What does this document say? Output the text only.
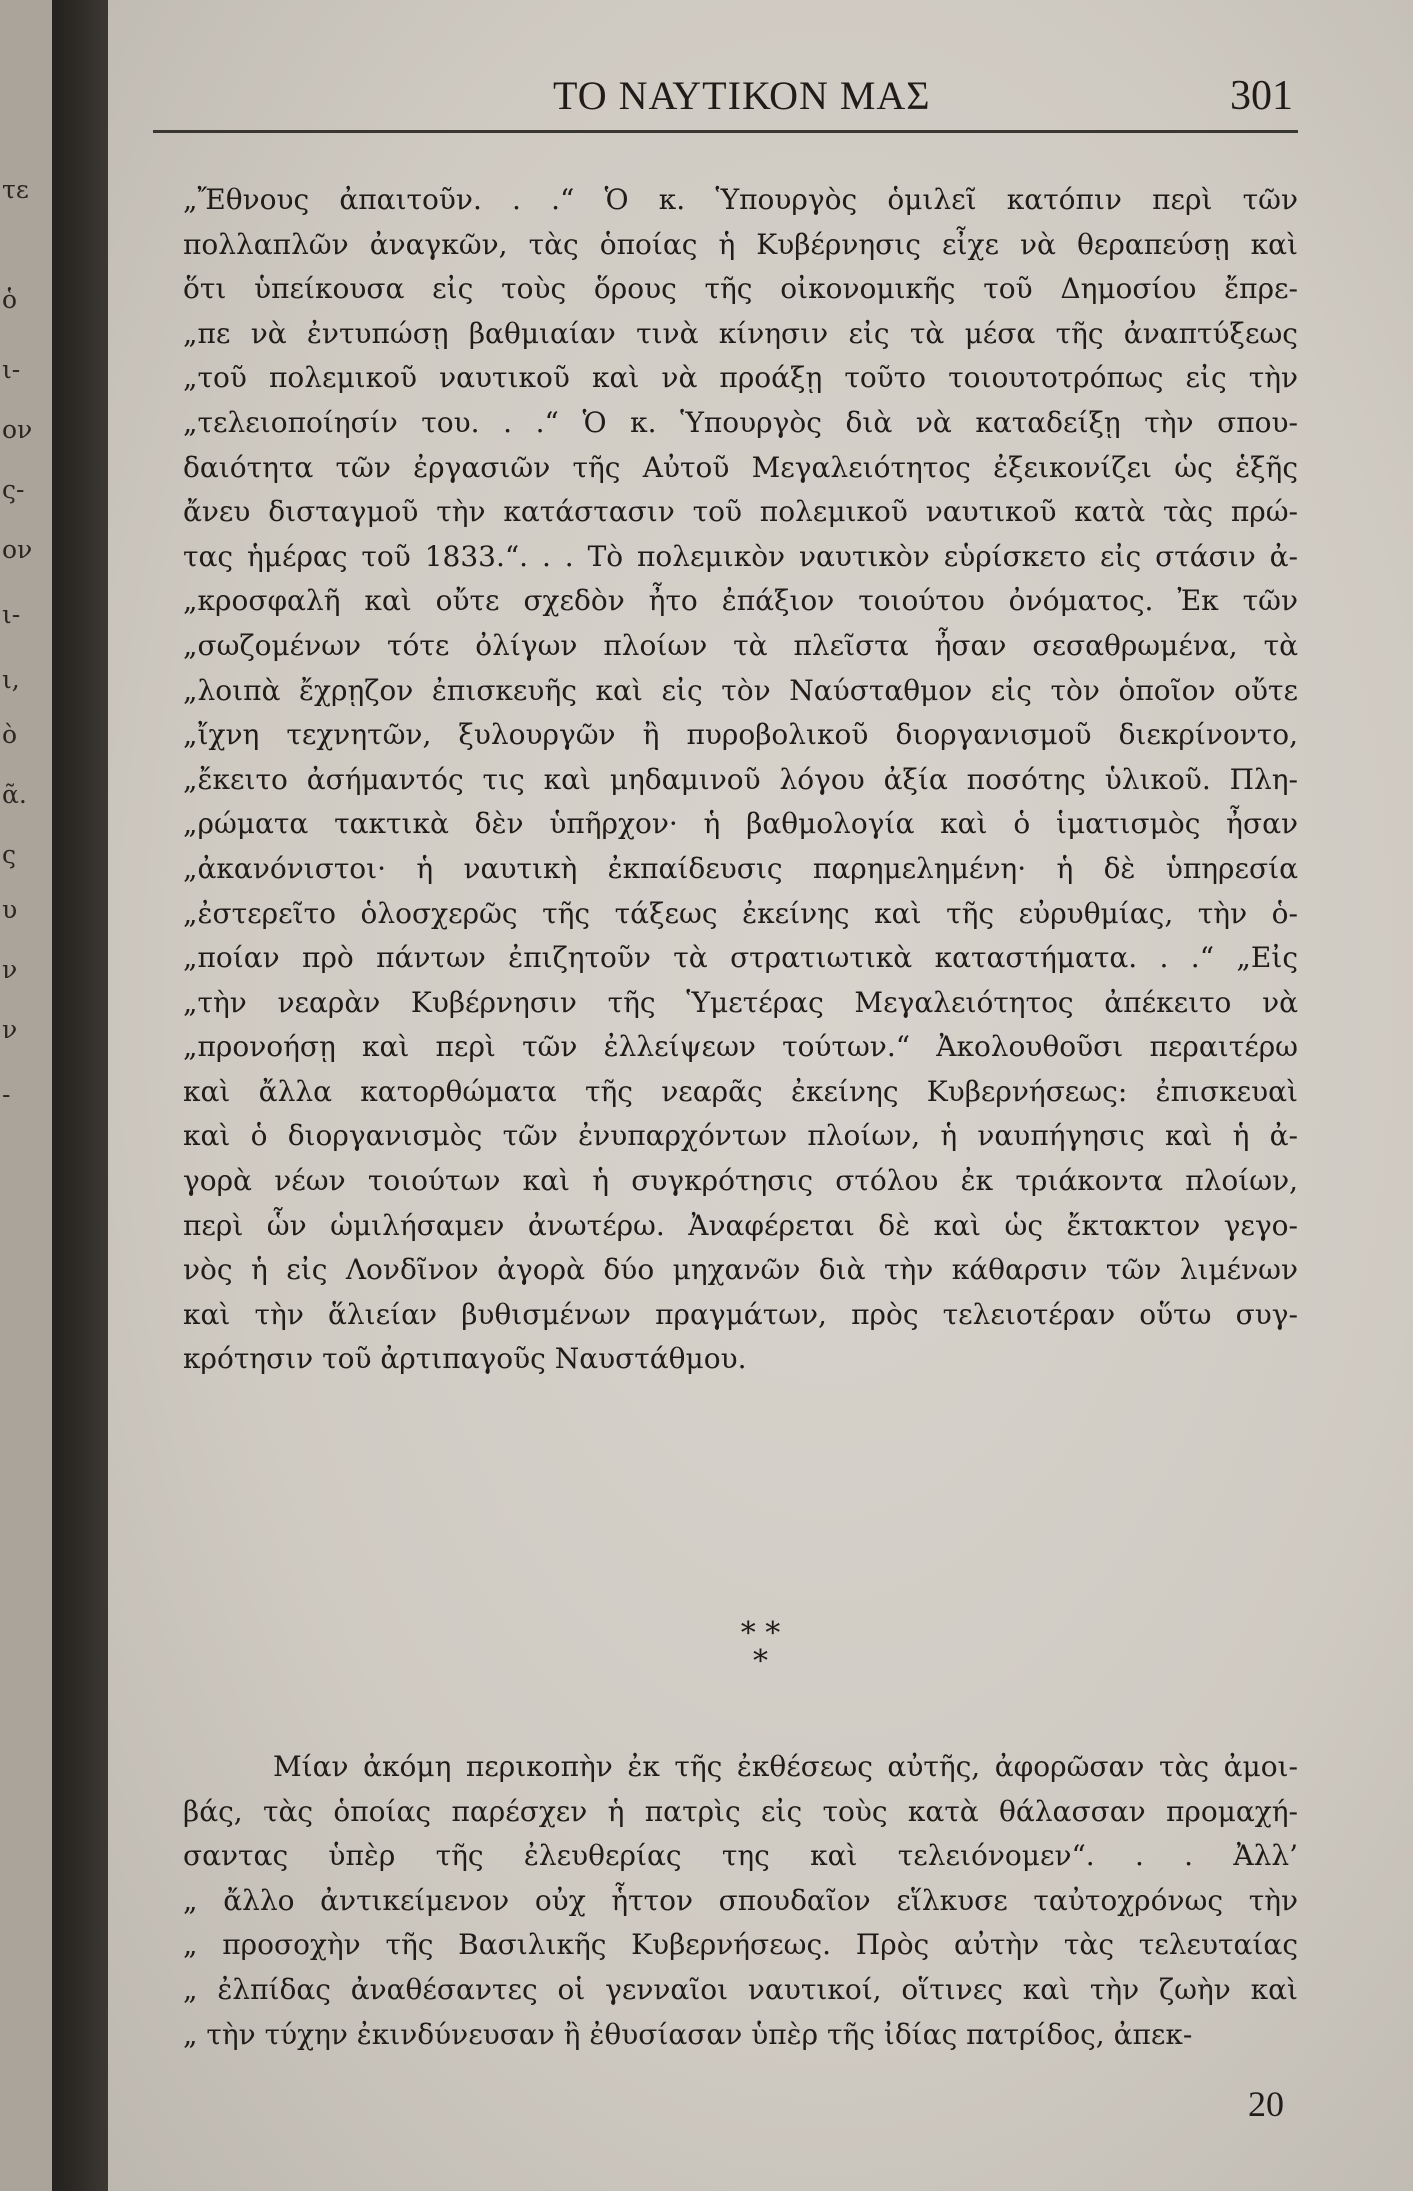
τε
ὁ
ι-
ον
ς-
ον
ι-
ι,
ὸ
ᾶ.
ς
υ
ν
ν
-
ΤΟ ΝΑΥΤΙΚΟΝ ΜΑΣ	301
„Ἔθνους ἀπαιτοῦν. . .“ Ὁ κ. Ὑπουργὸς ὁμιλεῖ κατόπιν περὶ τῶν
πολλαπλῶν ἀναγκῶν, τὰς ὁποίας ἡ Κυβέρνησις εἶχε νὰ θεραπεύσῃ καὶ
ὅτι ὑπείκουσα εἰς τοὺς ὅρους τῆς οἰκονομικῆς τοῦ Δημοσίου ἔπρε-
„πε νὰ ἐντυπώσῃ βαθμιαίαν τινὰ κίνησιν εἰς τὰ μέσα τῆς ἀναπτύξεως
„τοῦ πολεμικοῦ ναυτικοῦ καὶ νὰ προάξῃ τοῦτο τοιουτοτρόπως εἰς τὴν
„τελειοποίησίν του. . .“ Ὁ κ. Ὑπουργὸς διὰ νὰ καταδείξῃ τὴν σπου-
δαιότητα τῶν ἐργασιῶν τῆς Αὐτοῦ Μεγαλειότητος ἐξεικονίζει ὡς ἑξῆς
ἄνευ δισταγμοῦ τὴν κατάστασιν τοῦ πολεμικοῦ ναυτικοῦ κατὰ τὰς πρώ-
τας ἡμέρας τοῦ 1833.“. . . Τὸ πολεμικὸν ναυτικὸν εὑρίσκετο εἰς στάσιν ἀ-
„κροσφαλῆ καὶ οὔτε σχεδὸν ἦτο ἐπάξιον τοιούτου ὀνόματος. Ἐκ τῶν
„σωζομένων τότε ὀλίγων πλοίων τὰ πλεῖστα ἦσαν σεσαθρωμένα, τὰ
„λοιπὰ ἔχρῃζον ἐπισκευῆς καὶ εἰς τὸν Ναύσταθμον εἰς τὸν ὁποῖον οὔτε
„ἴχνη τεχνητῶν, ξυλουργῶν ἢ πυροβολικοῦ διοργανισμοῦ διεκρίνοντο,
„ἔκειτο ἀσήμαντός τις καὶ μηδαμινοῦ λόγου ἀξία ποσότης ὑλικοῦ. Πλη-
„ρώματα τακτικὰ δὲν ὑπῆρχον· ἡ βαθμολογία καὶ ὁ ἱματισμὸς ἦσαν
„ἀκανόνιστοι· ἡ ναυτικὴ ἐκπαίδευσις παρημελημένη· ἡ δὲ ὑπηρεσία
„ἐστερεῖτο ὁλοσχερῶς τῆς τάξεως ἐκείνης καὶ τῆς εὐρυθμίας, τὴν ὁ-
„ποίαν πρὸ πάντων ἐπιζητοῦν τὰ στρατιωτικὰ καταστήματα. . .“ „Εἰς
„τὴν νεαρὰν Κυβέρνησιν τῆς Ὑμετέρας Μεγαλειότητος ἀπέκειτο νὰ
„προνοήσῃ καὶ περὶ τῶν ἐλλείψεων τούτων.“ Ἀκολουθοῦσι περαιτέρω
καὶ ἄλλα κατορθώματα τῆς νεαρᾶς ἐκείνης Κυβερνήσεως: ἐπισκευαὶ
καὶ ὁ διοργανισμὸς τῶν ἐνυπαρχόντων πλοίων, ἡ ναυπήγησις καὶ ἡ ἀ-
γορὰ νέων τοιούτων καὶ ἡ συγκρότησις στόλου ἐκ τριάκοντα πλοίων,
περὶ ὧν ὡμιλήσαμεν ἀνωτέρω. Ἀναφέρεται δὲ καὶ ὡς ἔκτακτον γεγο-
νὸς ἡ εἰς Λονδῖνον ἀγορὰ δύο μηχανῶν διὰ τὴν κάθαρσιν τῶν λιμένων
καὶ τὴν ἅλιείαν βυθισμένων πραγμάτων, πρὸς τελειοτέραν οὕτω συγ-
κρότησιν τοῦ ἀρτιπαγοῦς Ναυστάθμου.
* *
*
Μίαν ἀκόμη περικοπὴν ἐκ τῆς ἐκθέσεως αὐτῆς, ἀφορῶσαν τὰς ἀμοι-
βάς, τὰς ὁποίας παρέσχεν ἡ πατρὶς εἰς τοὺς κατὰ θάλασσαν προμαχή-
σαντας ὑπὲρ τῆς ἐλευθερίας της καὶ τελειόνομεν“. . . Ἀλλ’
„ ἄλλο ἀντικείμενον οὐχ ἧττον σπουδαῖον εἵλκυσε ταὐτοχρόνως τὴν
„ προσοχὴν τῆς Βασιλικῆς Κυβερνήσεως. Πρὸς αὐτὴν τὰς τελευταίας
„ ἐλπίδας ἀναθέσαντες οἱ γενναῖοι ναυτικοί, οἵτινες καὶ τὴν ζωὴν καὶ
„ τὴν τύχην ἐκινδύνευσαν ἢ ἐθυσίασαν ὑπὲρ τῆς ἰδίας πατρίδος, ἀπεκ-
20
